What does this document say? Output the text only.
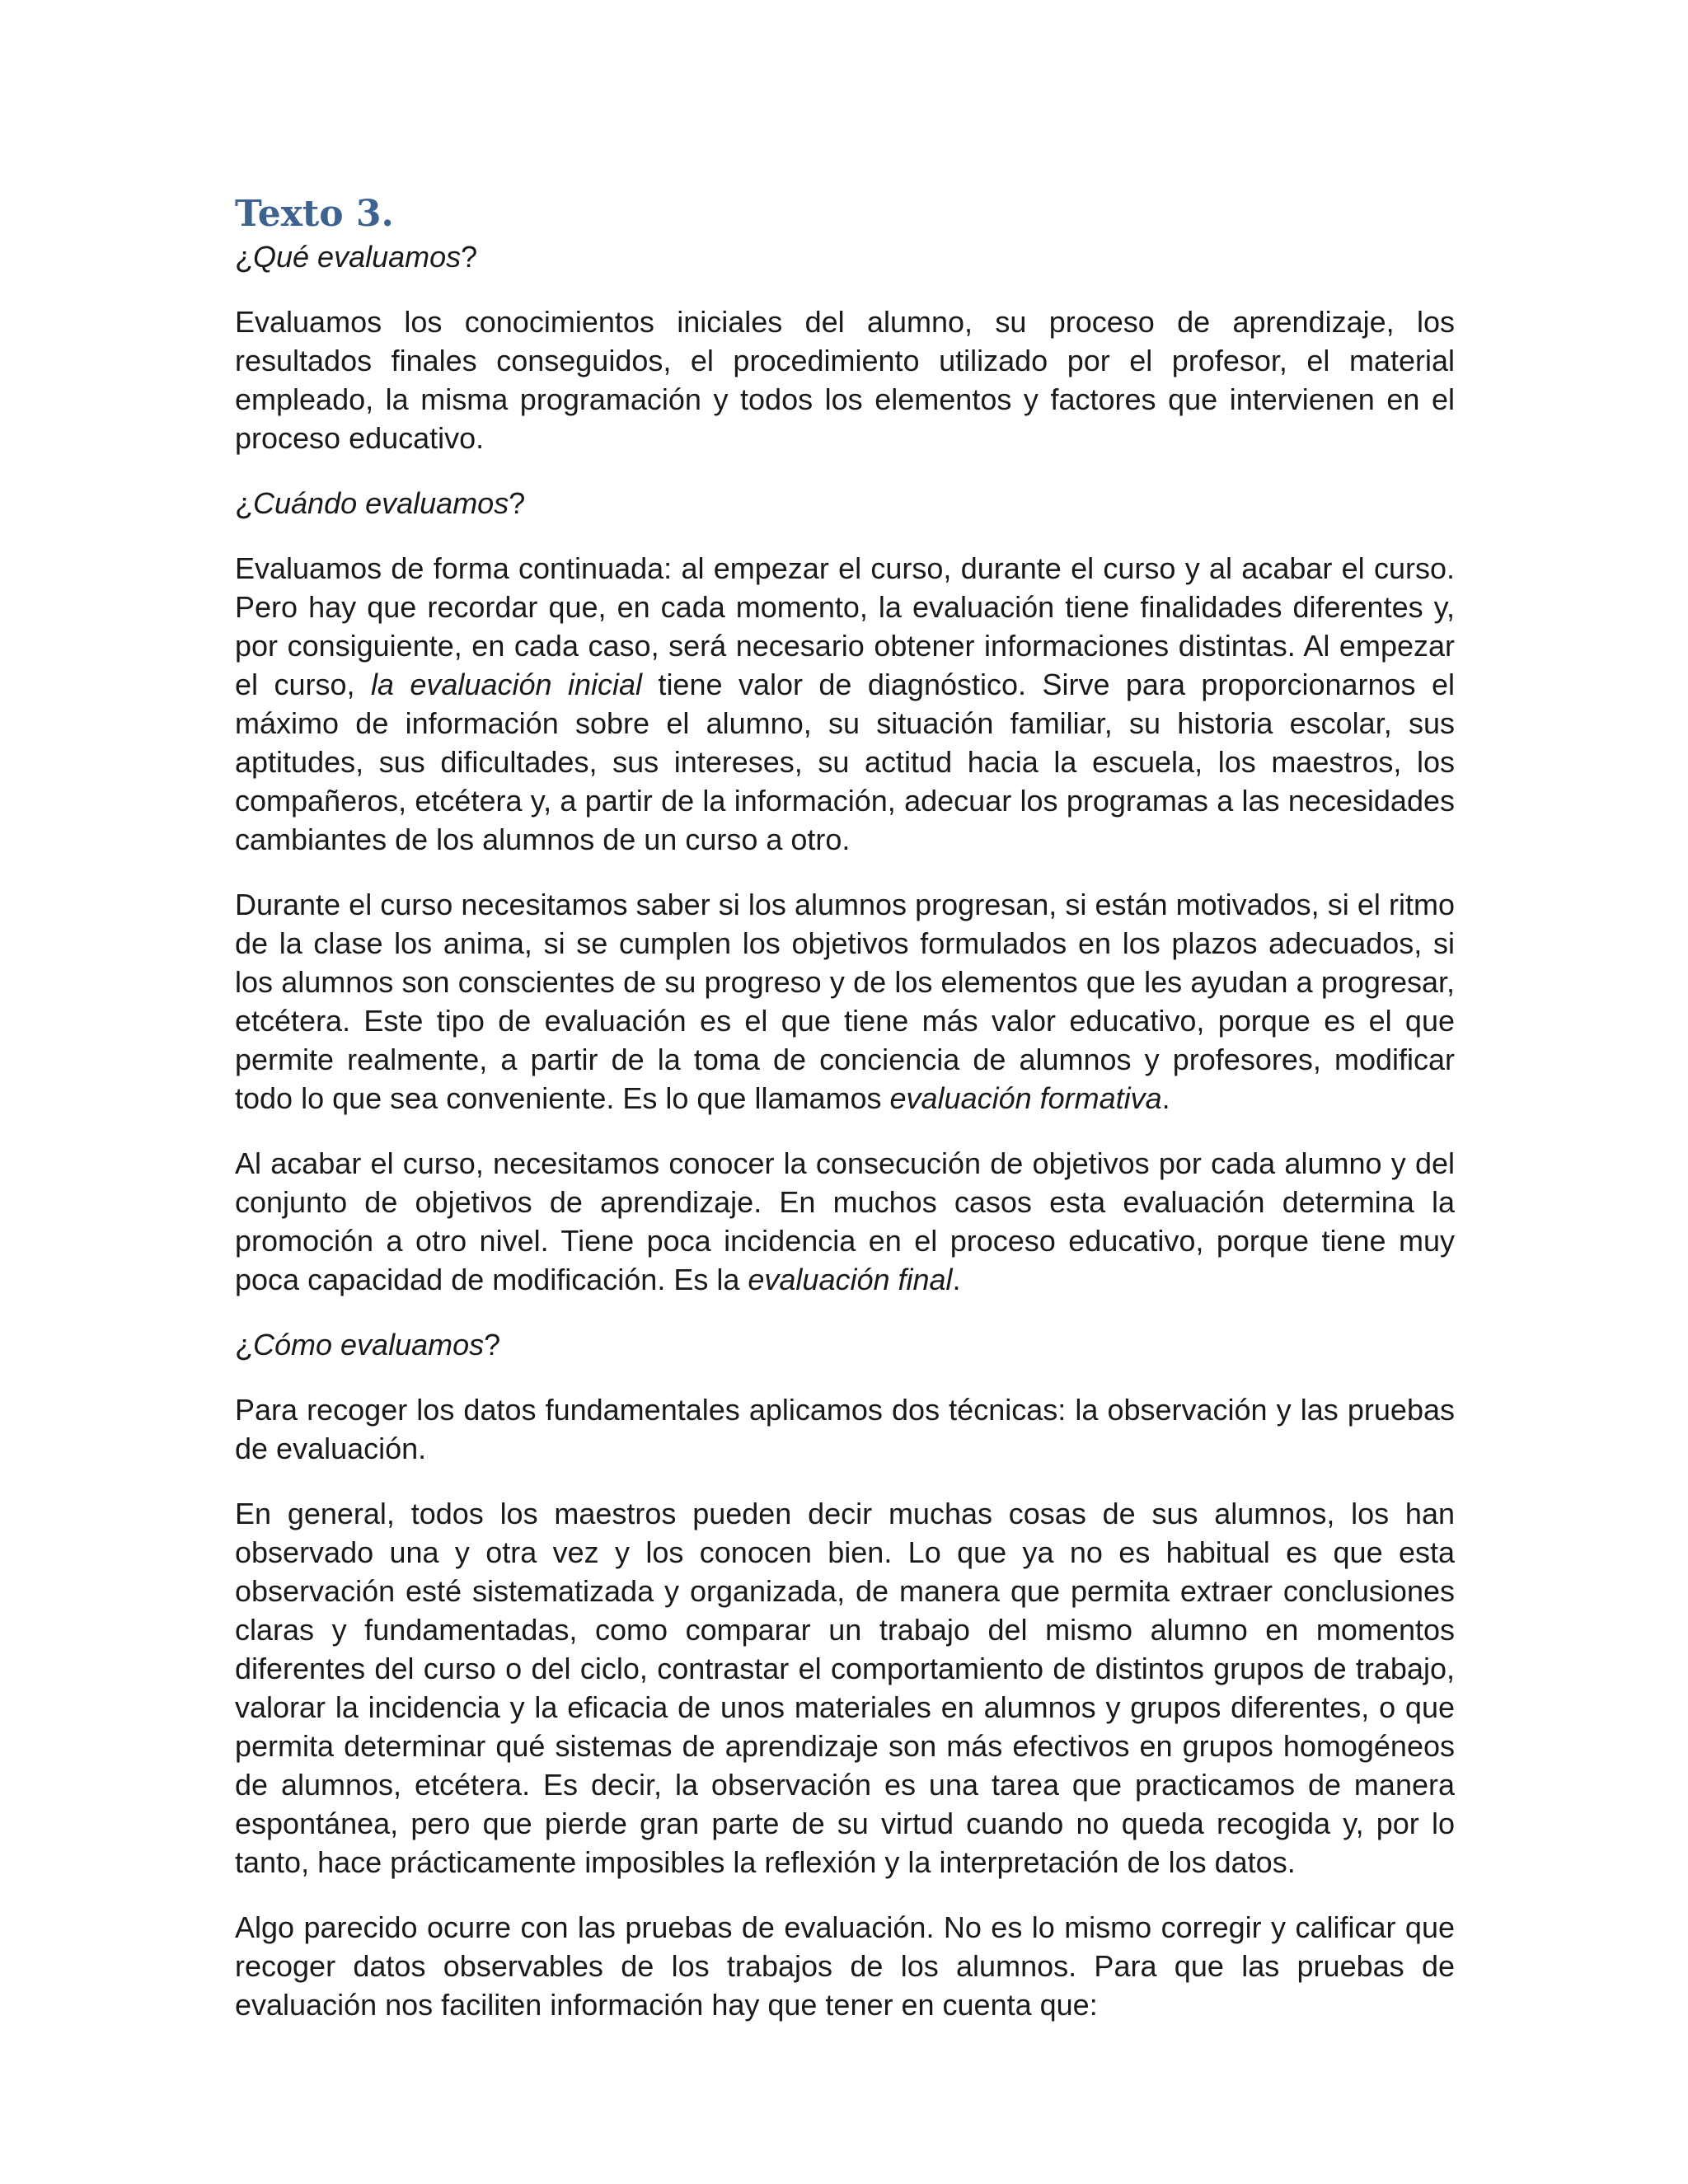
Texto 3.
¿Qué evaluamos?

Evaluamos los conocimientos iniciales del alumno, su proceso de aprendizaje, los resultados finales conseguidos, el procedimiento utilizado por el profesor, el material empleado, la misma programación y todos los elementos y factores que intervienen en el proceso educativo.

¿Cuándo evaluamos?

Evaluamos de forma continuada: al empezar el curso, durante el curso y al acabar el curso. Pero hay que recordar que, en cada momento, la evaluación tiene finalidades diferentes y, por consiguiente, en cada caso, será necesario obtener informaciones distintas. Al empezar el curso, la evaluación inicial tiene valor de diagnóstico. Sirve para proporcionarnos el máximo de información sobre el alumno, su situación familiar, su historia escolar, sus aptitudes, sus dificultades, sus intereses, su actitud hacia la escuela, los maestros, los compañeros, etcétera y, a partir de la información, adecuar los programas a las necesidades cambiantes de los alumnos de un curso a otro.

Durante el curso necesitamos saber si los alumnos progresan, si están motivados, si el ritmo de la clase los anima, si se cumplen los objetivos formulados en los plazos adecuados, si los alumnos son conscientes de su progreso y de los elementos que les ayudan a progresar, etcétera. Este tipo de evaluación es el que tiene más valor educativo, porque es el que permite realmente, a partir de la toma de conciencia de alumnos y profesores, modificar todo lo que sea conveniente. Es lo que llamamos evaluación formativa.

Al acabar el curso, necesitamos conocer la consecución de objetivos por cada alumno y del conjunto de objetivos de aprendizaje. En muchos casos esta evaluación determina la promoción a otro nivel. Tiene poca incidencia en el proceso educativo, porque tiene muy poca capacidad de modificación. Es la evaluación final.

¿Cómo evaluamos?

Para recoger los datos fundamentales aplicamos dos técnicas: la observación y las pruebas de evaluación.

En general, todos los maestros pueden decir muchas cosas de sus alumnos, los han observado una y otra vez y los conocen bien. Lo que ya no es habitual es que esta observación esté sistematizada y organizada, de manera que permita extraer conclusiones claras y fundamentadas, como comparar un trabajo del mismo alumno en momentos diferentes del curso o del ciclo, contrastar el comportamiento de distintos grupos de trabajo, valorar la incidencia y la eficacia de unos materiales en alumnos y grupos diferentes, o que permita determinar qué sistemas de aprendizaje son más efectivos en grupos homogéneos de alumnos, etcétera. Es decir, la observación es una tarea que practicamos de manera espontánea, pero que pierde gran parte de su virtud cuando no queda recogida y, por lo tanto, hace prácticamente imposibles la reflexión y la interpretación de los datos.

Algo parecido ocurre con las pruebas de evaluación. No es lo mismo corregir y calificar que recoger datos observables de los trabajos de los alumnos. Para que las pruebas de evaluación nos faciliten información hay que tener en cuenta que:
